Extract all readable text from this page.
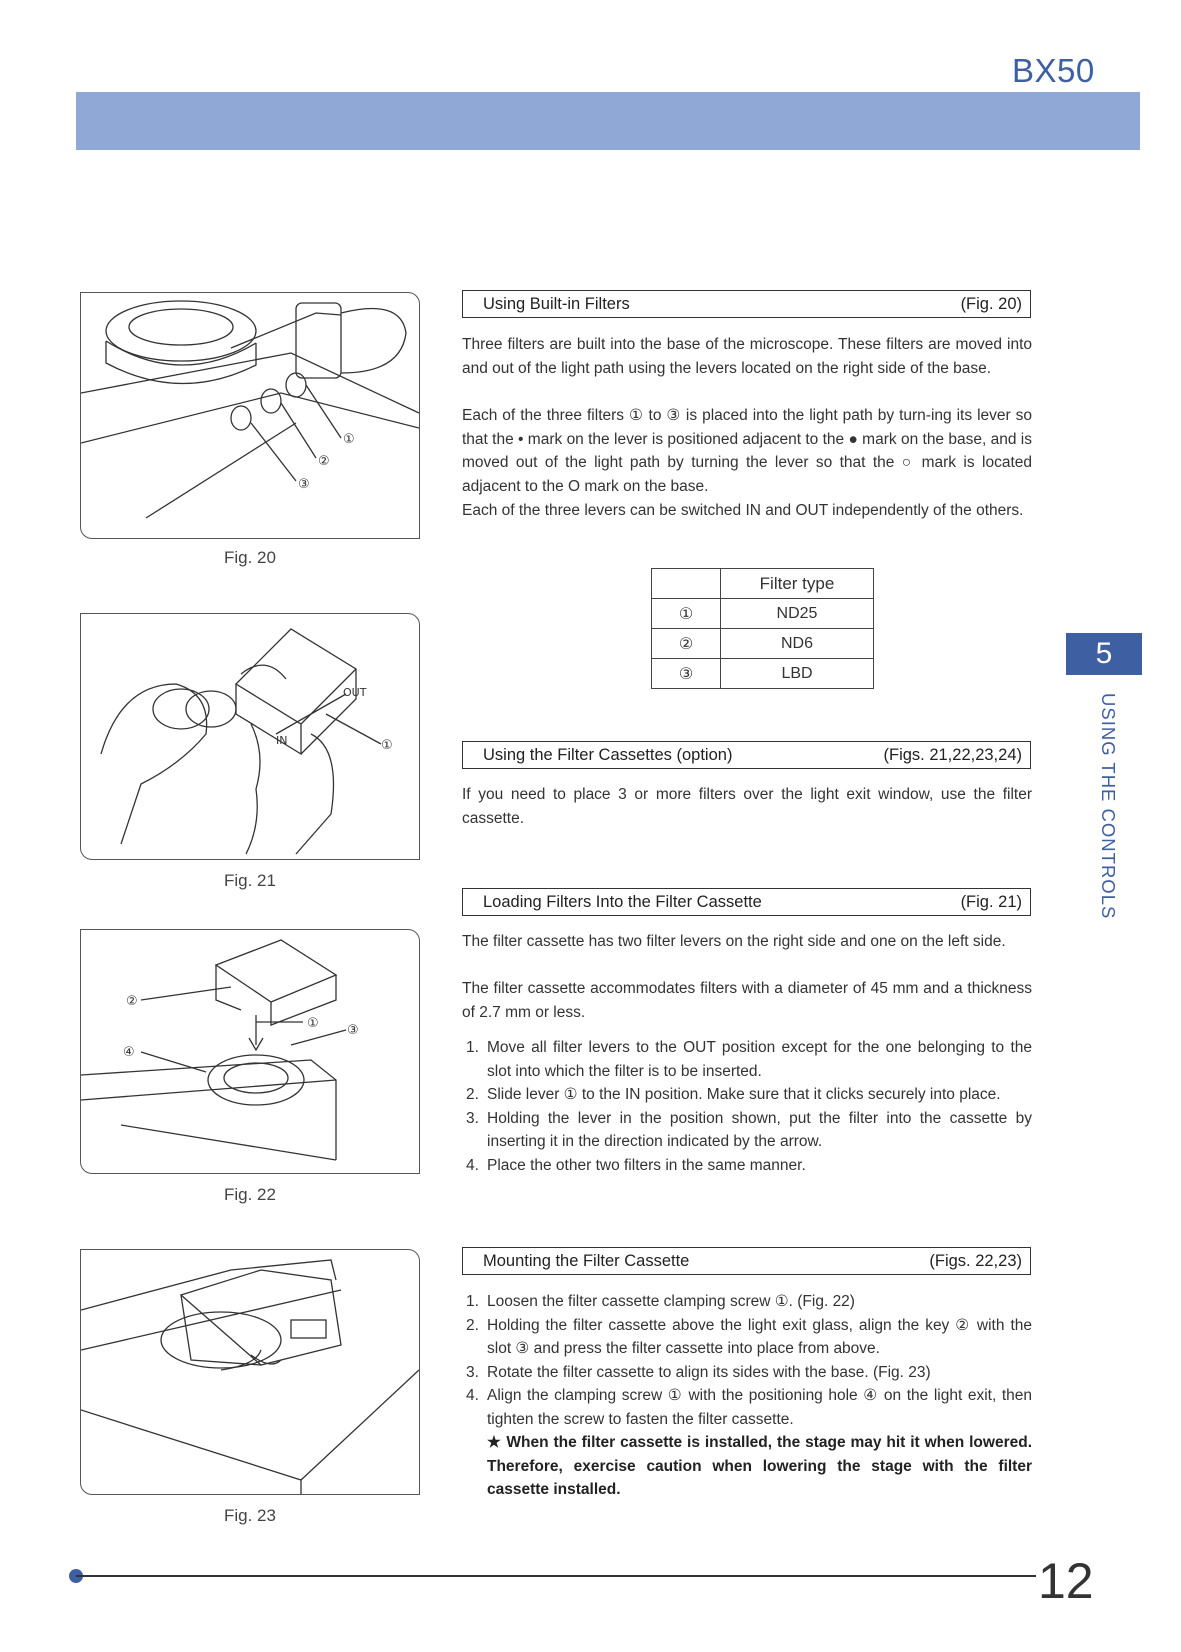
BX50
①
②
③
Fig. 20
IN
OUT
①
Fig. 21
②
① ③
④
Fig. 22
Fig. 23
Using Built-in Filters	(Fig. 20)

Three filters are built into the base of the microscope. These filters are moved into and out of the light path using the levers located on the right side of the base.

Each of the three filters ① to ③ is placed into the light path by turn-ing its lever so that the • mark on the lever is positioned adjacent to the ● mark on the base, and is moved out of the light path by turning the lever so that the ○ mark is located adjacent to the O mark on the base.

Each of the three levers can be switched IN and OUT independently of the others.

	Filter type
①	ND25
②	ND6
③	LBD
Using the Filter Cassettes (option)	(Figs. 21,22,23,24)

If you need to place 3 or more filters over the light exit window, use the filter cassette.

Loading Filters Into the Filter Cassette	(Fig. 21)

The filter cassette has two filter levers on the right side and one on the left side.

The filter cassette accommodates filters with a diameter of 45 mm and a thickness of 2.7 mm or less.

1. Move all filter levers to the OUT position except for the one belonging to the slot into which the filter is to be inserted.
2. Slide lever ① to the IN position. Make sure that it clicks securely into place.
3. Holding the lever in the position shown, put the filter into the cassette by inserting it in the direction indicated by the arrow.
4. Place the other two filters in the same manner.
Mounting the Filter Cassette	(Figs. 22,23)
1. Loosen the filter cassette clamping screw ①. (Fig. 22)
2. Holding the filter cassette above the light exit glass, align the key ② with the slot ③ and press the filter cassette into place from above.
3. Rotate the filter cassette to align its sides with the base. (Fig. 23)
4. Align the clamping screw ① with the positioning hole ④ on the light exit, then tighten the screw to fasten the filter cassette.

★ When the filter cassette is installed, the stage may hit it when lowered. Therefore, exercise caution when lowering the stage with the filter cassette installed.

5
USING THE CONTROLS
12
